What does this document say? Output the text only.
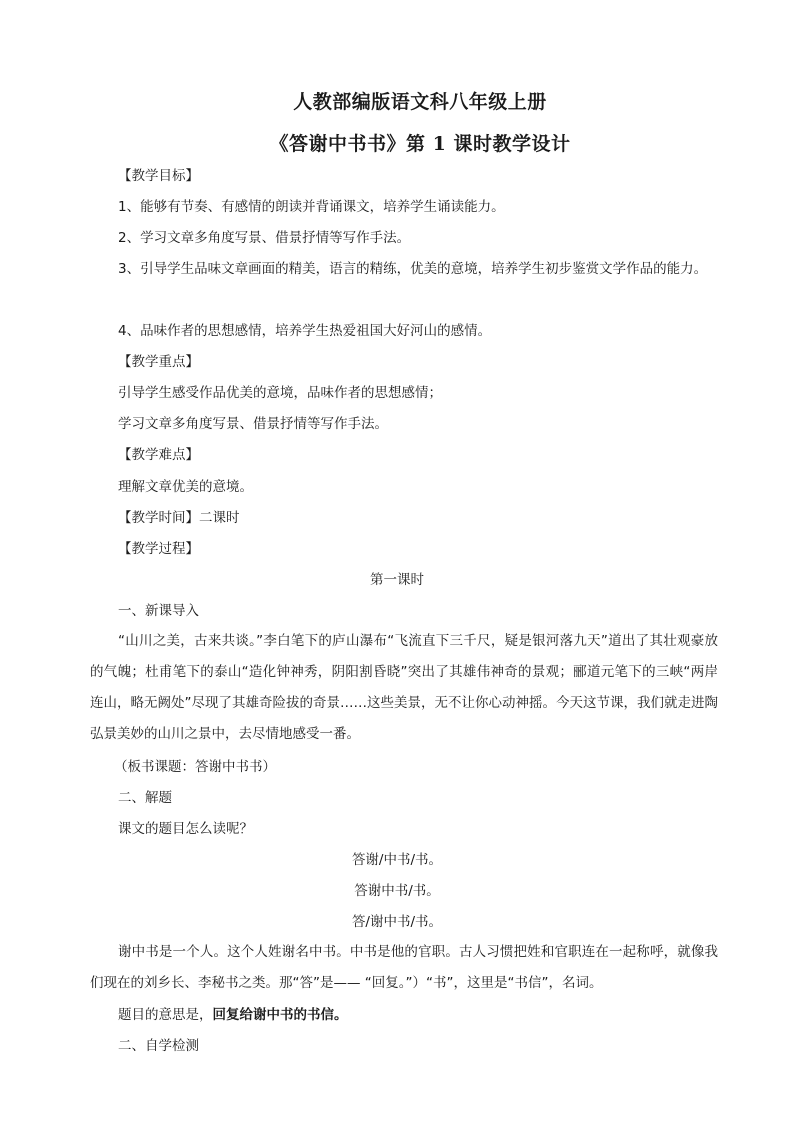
人教部编版语文科八年级上册
《答谢中书书》第 1 课时教学设计
【教学目标】
1、能够有节奏、有感情的朗读并背诵课文，培养学生诵读能力。
2、学习文章多角度写景、借景抒情等写作手法。
3、引导学生品味文章画面的精美，语言的精练，优美的意境，培养学生初步鉴赏文学作品的能力。
4、品味作者的思想感情，培养学生热爱祖国大好河山的感情。
【教学重点】
引导学生感受作品优美的意境，品味作者的思想感情；
学习文章多角度写景、借景抒情等写作手法。
【教学难点】
理解文章优美的意境。
【教学时间】二课时
【教学过程】
第一课时
一、新课导入
“山川之美，古来共谈。”李白笔下的庐山瀑布“飞流直下三千尺，疑是银河落九天”道出了其壮观豪放的气魄；杜甫笔下的泰山“造化钟神秀，阴阳割昏晓”突出了其雄伟神奇的景观；郦道元笔下的三峡“两岸连山，略无阙处”尽现了其雄奇险拔的奇景……这些美景，无不让你心动神摇。今天这节课，我们就走进陶弘景美妙的山川之景中，去尽情地感受一番。
（板书课题：答谢中书书）
二、解题
课文的题目怎么读呢？
答谢/中书/书。
答谢中书/书。
答/谢中书/书。
谢中书是一个人。这个人姓谢名中书。中书是他的官职。古人习惯把姓和官职连在一起称呼，就像我们现在的刘乡长、李秘书之类。那“答”是—— “回复。”）“书”，这里是“书信”，名词。
题目的意思是，回复给谢中书的书信。
二、自学检测
